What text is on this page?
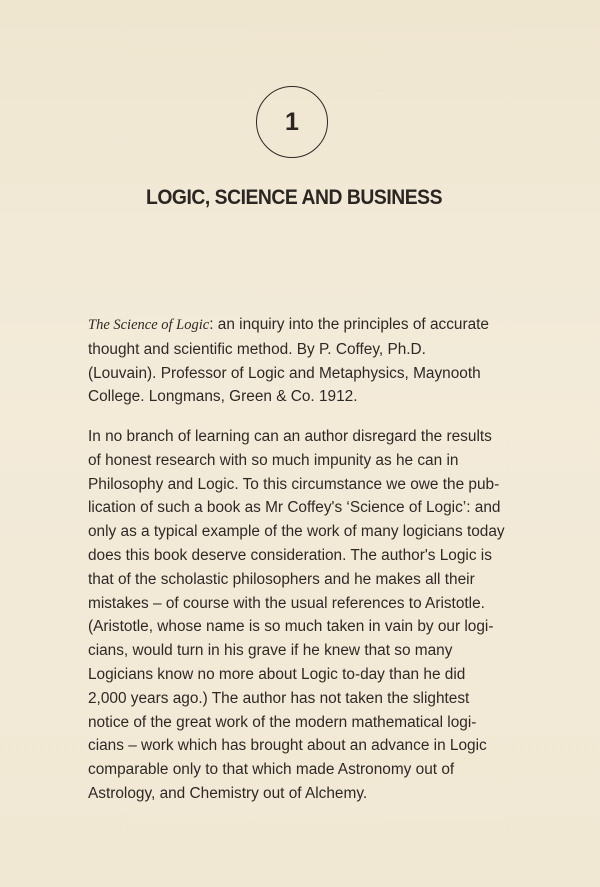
1
LOGIC, SCIENCE AND BUSINESS
The Science of Logic: an inquiry into the principles of accurate
thought and scientific method. By P. Coffey, Ph.D.
(Louvain). Professor of Logic and Metaphysics, Maynooth
College. Longmans, Green & Co. 1912.
In no branch of learning can an author disregard the results
of honest research with so much impunity as he can in
Philosophy and Logic. To this circumstance we owe the pub-
lication of such a book as Mr Coffey's ‘Science of Logic’: and
only as a typical example of the work of many logicians today
does this book deserve consideration. The author's Logic is
that of the scholastic philosophers and he makes all their
mistakes – of course with the usual references to Aristotle.
(Aristotle, whose name is so much taken in vain by our logi-
cians, would turn in his grave if he knew that so many
Logicians know no more about Logic to-day than he did
2,000 years ago.) The author has not taken the slightest
notice of the great work of the modern mathematical logi-
cians – work which has brought about an advance in Logic
comparable only to that which made Astronomy out of
Astrology, and Chemistry out of Alchemy.
